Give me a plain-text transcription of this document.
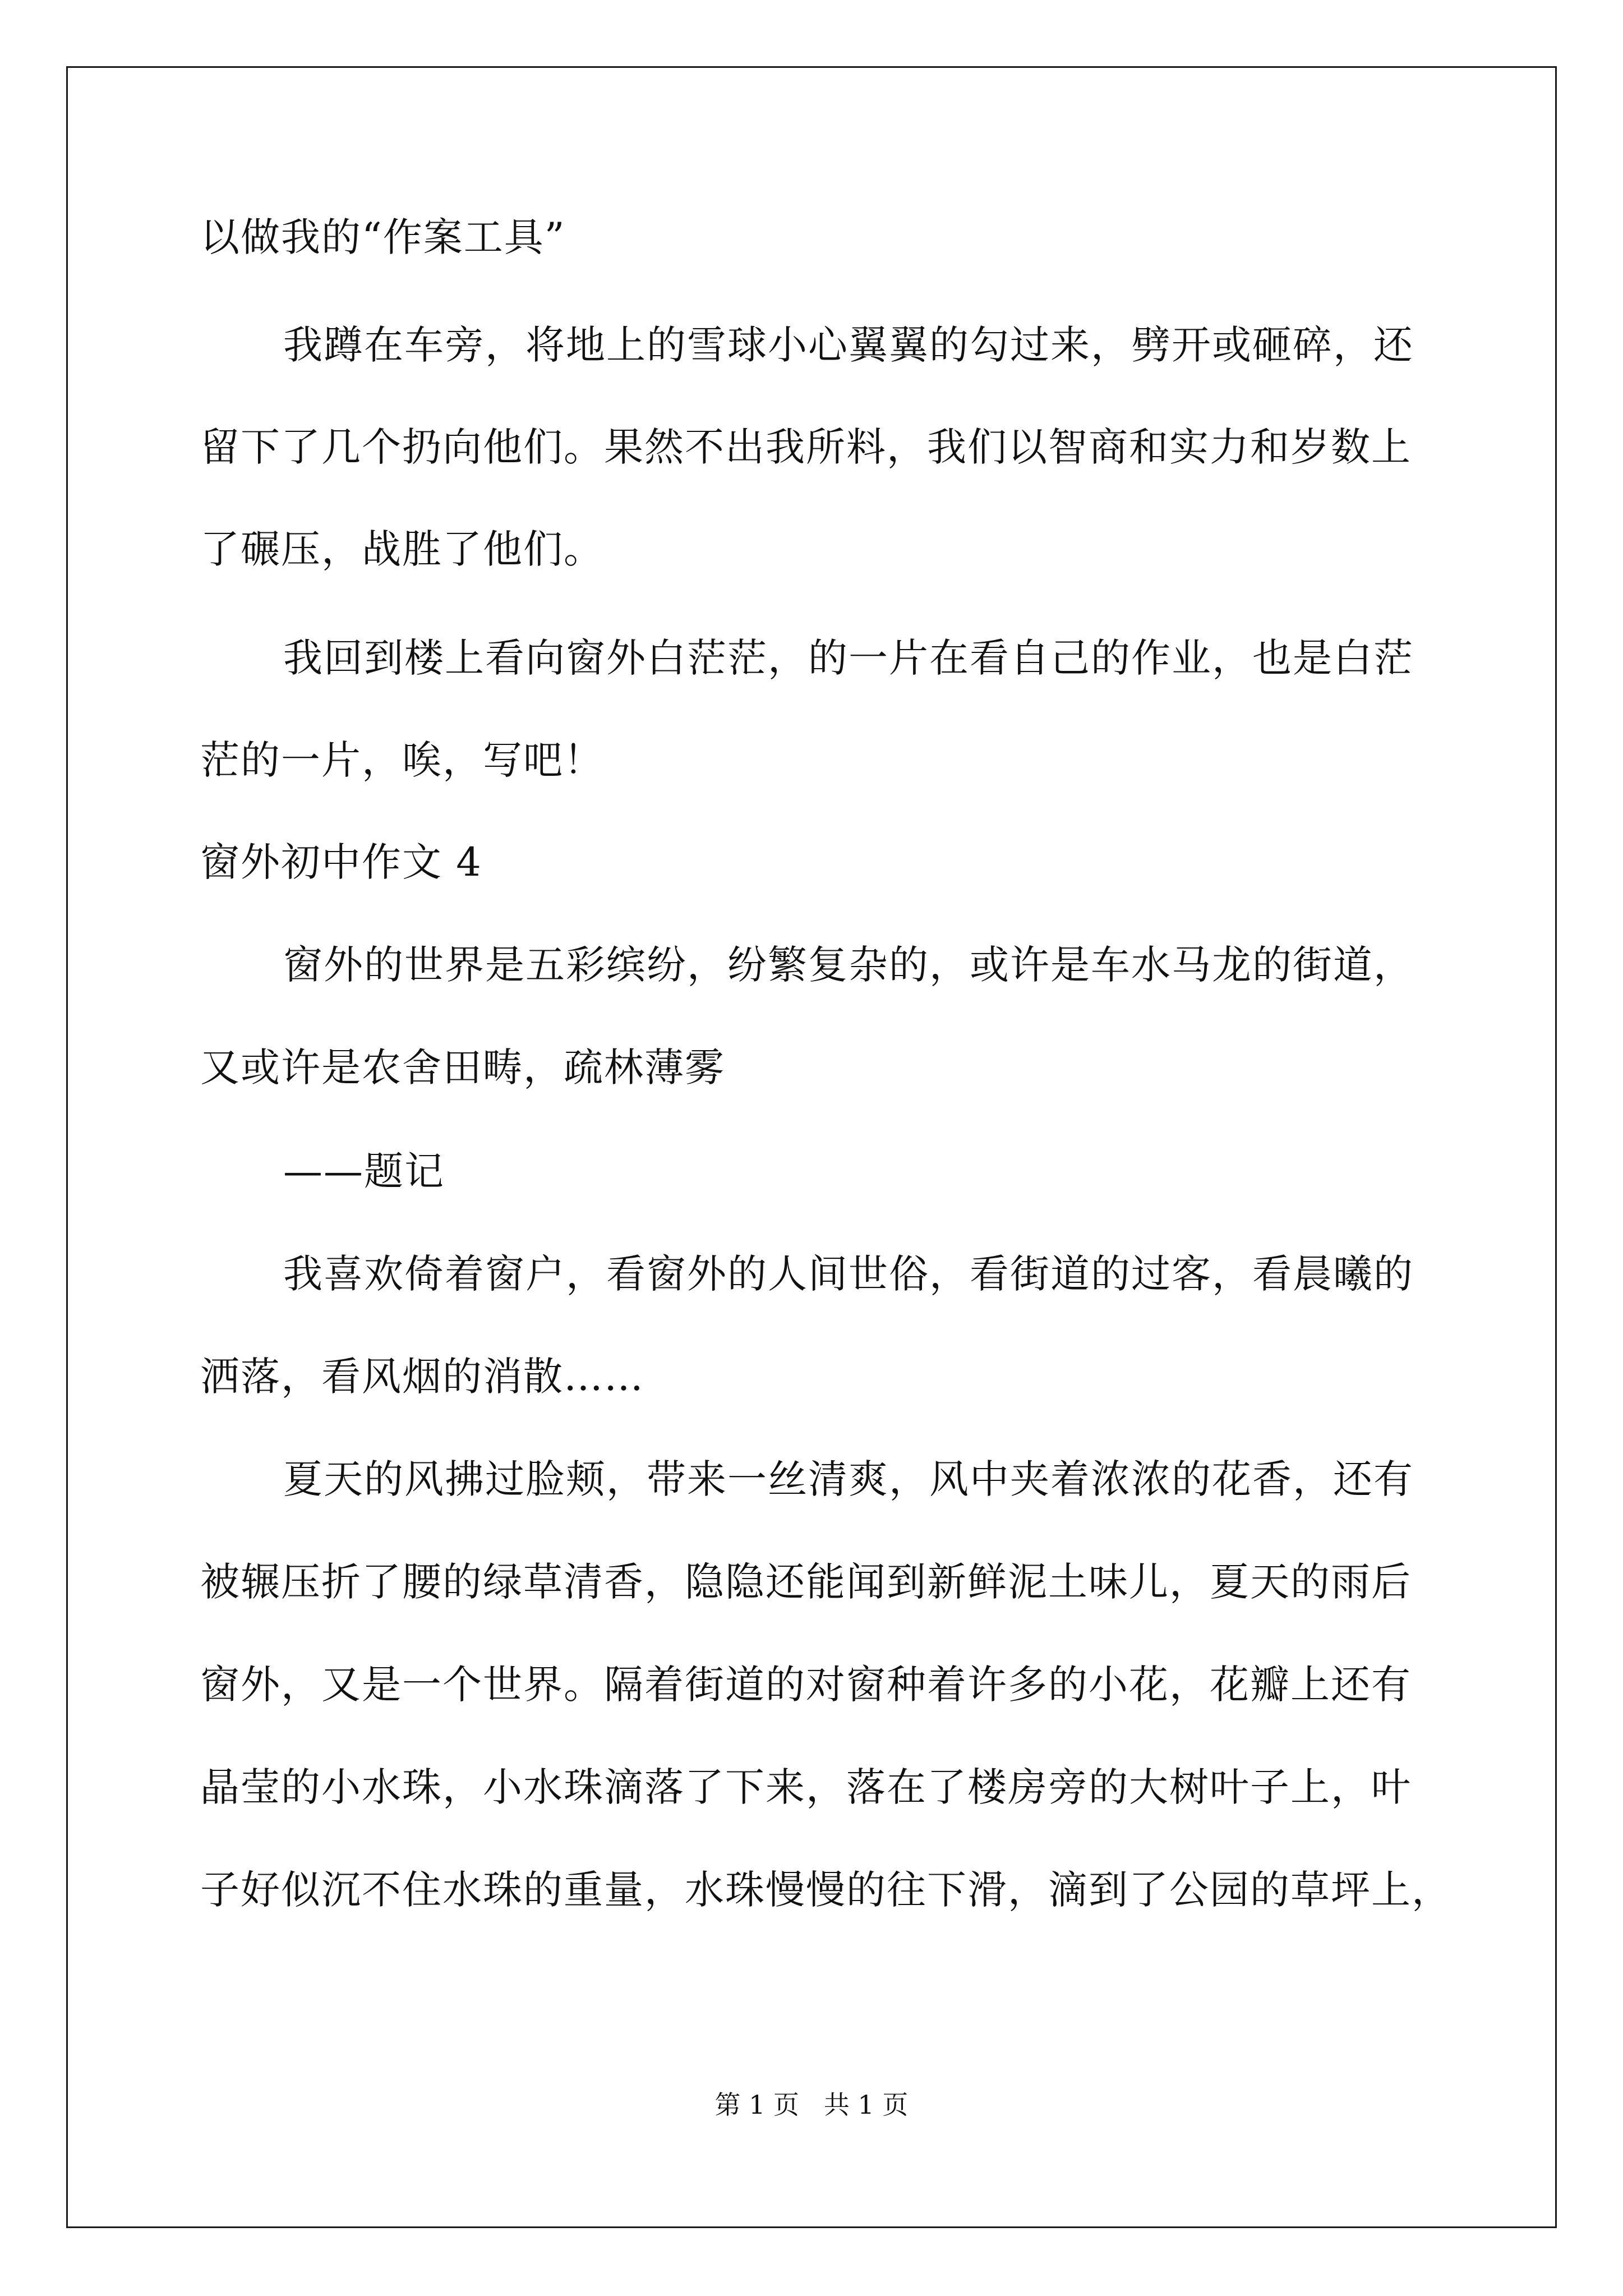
以做我的“作案工具”
我蹲在车旁，将地上的雪球小心翼翼的勾过来，劈开或砸碎，还
留下了几个扔向他们。果然不出我所料，我们以智商和实力和岁数上
了碾压，战胜了他们。
我回到楼上看向窗外白茫茫，的一片在看自己的作业，也是白茫
茫的一片，唉，写吧！
窗外初中作文 4
窗外的世界是五彩缤纷，纷繁复杂的，或许是车水马龙的街道，
又或许是农舍田畴，疏林薄雾
——题记
我喜欢倚着窗户，看窗外的人间世俗，看街道的过客，看晨曦的
洒落，看风烟的消散……
夏天的风拂过脸颊，带来一丝清爽，风中夹着浓浓的花香，还有
被辗压折了腰的绿草清香，隐隐还能闻到新鲜泥土味儿，夏天的雨后
窗外，又是一个世界。隔着街道的对窗种着许多的小花，花瓣上还有
晶莹的小水珠，小水珠滴落了下来，落在了楼房旁的大树叶子上，叶
子好似沉不住水珠的重量，水珠慢慢的往下滑，滴到了公园的草坪上，
第 1 页   共 1 页
